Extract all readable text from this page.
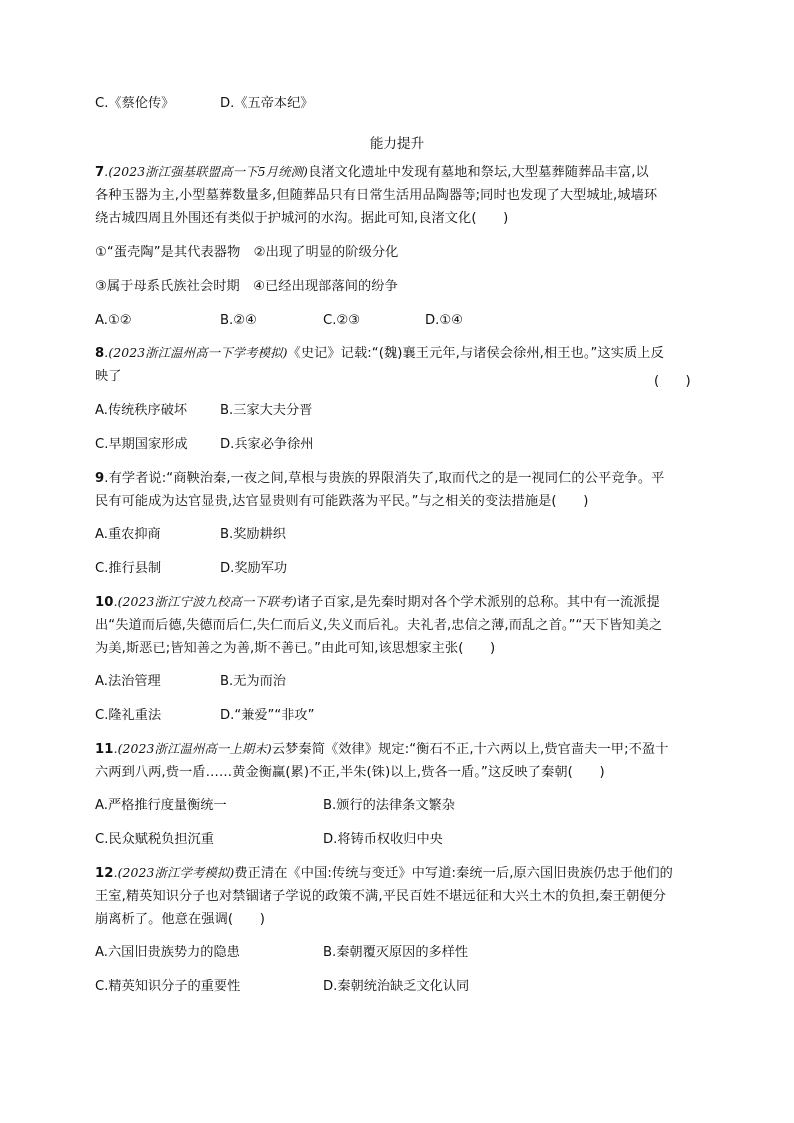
C.《蔡伦传》	D.《五帝本纪》
能力提升
7.(2023浙江强基联盟高一下5月统测)良渚文化遗址中发现有墓地和祭坛,大型墓葬随葬品丰富,以
各种玉器为主,小型墓葬数量多,但随葬品只有日常生活用品陶器等;同时也发现了大型城址,城墙环
绕古城四周且外围还有类似于护城河的水沟。据此可知,良渚文化(　　)
①“蛋壳陶”是其代表器物　②出现了明显的阶级分化
③属于母系氏族社会时期　④已经出现部落间的纷争
A.①②	B.②④	C.②③	D.①④
8.(2023浙江温州高一下学考模拟)《史记》记载:“(魏)襄王元年,与诸侯会徐州,相王也。”这实质上反
映了	(　　)
A.传统秩序破坏 B.三家大夫分晋
C.早期国家形成 D.兵家必争徐州
9.有学者说:“商鞅治秦,一夜之间,草根与贵族的界限消失了,取而代之的是一视同仁的公平竞争。平
民有可能成为达官显贵,达官显贵则有可能跌落为平民。”与之相关的变法措施是(　　)
A.重农抑商	B.奖励耕织
C.推行县制	D.奖励军功
10.(2023浙江宁波九校高一下联考)诸子百家,是先秦时期对各个学术派别的总称。其中有一流派提
出“失道而后德,失德而后仁,失仁而后义,失义而后礼。夫礼者,忠信之薄,而乱之首。”“天下皆知美之
为美,斯恶已;皆知善之为善,斯不善已。”由此可知,该思想家主张(　　)
A.法治管理	B.无为而治
C.隆礼重法	D.“兼爱”“非攻”
11.(2023浙江温州高一上期末)云梦秦简《效律》规定:“衡石不正,十六两以上,赀官啬夫一甲;不盈十
六两到八两,赀一盾……黄金衡赢(累)不正,半朱(铢)以上,赀各一盾。”这反映了秦朝(　　)
A.严格推行度量衡统一	B.颁行的法律条文繁杂
C.民众赋税负担沉重	D.将铸币权收归中央
12.(2023浙江学考模拟)费正清在《中国:传统与变迁》中写道:秦统一后,原六国旧贵族仍忠于他们的
王室,精英知识分子也对禁锢诸子学说的政策不满,平民百姓不堪远征和大兴土木的负担,秦王朝便分
崩离析了。他意在强调(　　)
A.六国旧贵族势力的隐患	B.秦朝覆灭原因的多样性
C.精英知识分子的重要性	D.秦朝统治缺乏文化认同
